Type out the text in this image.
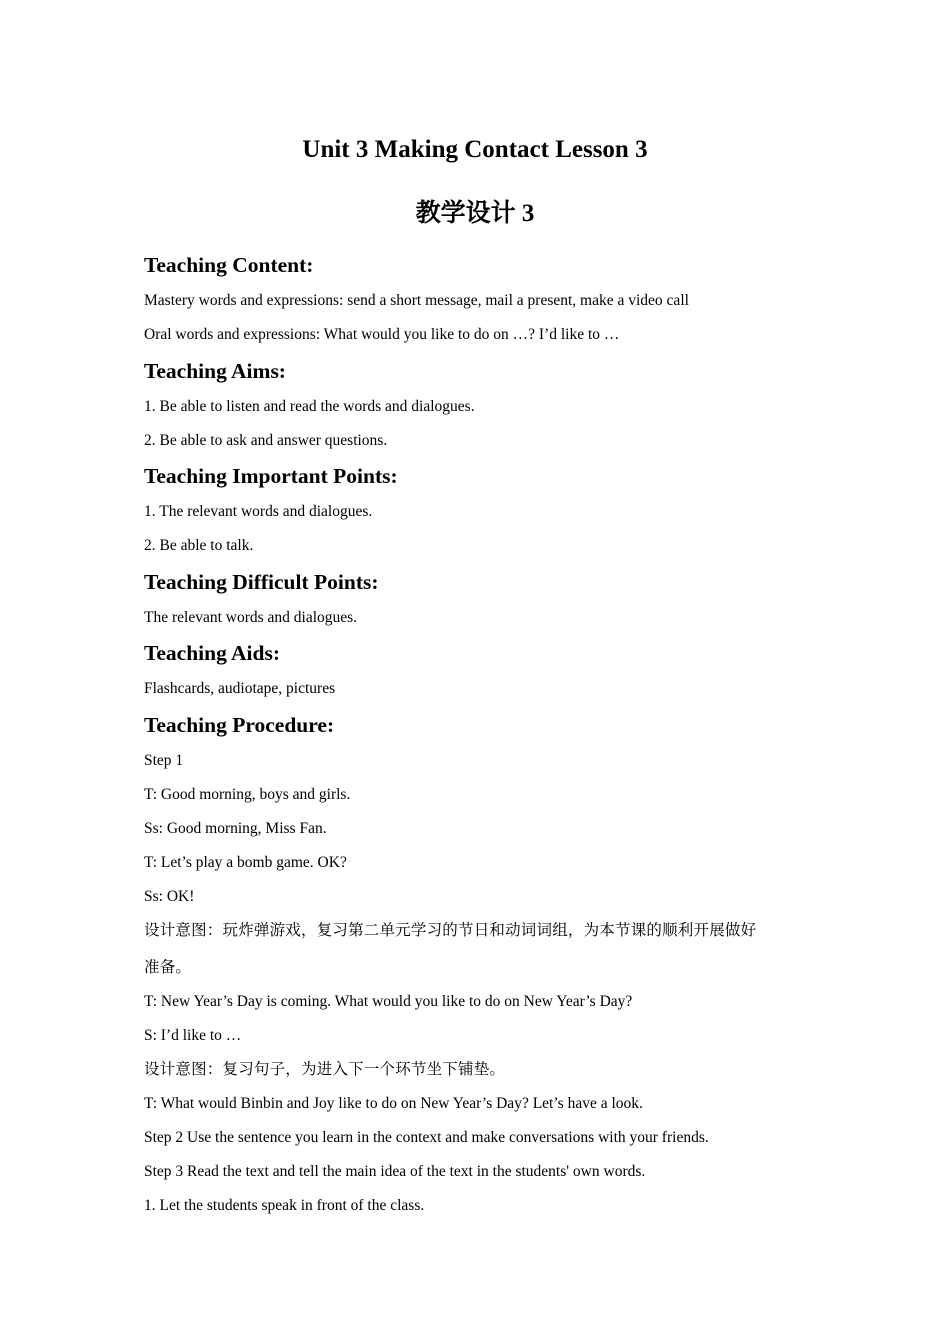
Unit 3 Making Contact Lesson 3
教学设计 3
Teaching Content:

Mastery words and expressions: send a short message, mail a present, make a video call

Oral words and expressions: What would you like to do on …? I’d like to …

Teaching Aims:

1. Be able to listen and read the words and dialogues.

2. Be able to ask and answer questions.

Teaching Important Points:

1. The relevant words and dialogues.

2. Be able to talk.

Teaching Difficult Points:

The relevant words and dialogues.

Teaching Aids:

Flashcards, audiotape, pictures

Teaching Procedure:

Step 1

T: Good morning, boys and girls.

Ss: Good morning, Miss Fan.

T: Let’s play a bomb game. OK?

Ss: OK!

设计意图：玩炸弹游戏，复习第二单元学习的节日和动词词组，为本节课的顺利开展做好

准备。

T: New Year’s Day is coming. What would you like to do on New Year’s Day?

S: I’d like to …

设计意图：复习句子，为进入下一个环节坐下铺垫。

T: What would Binbin and Joy like to do on New Year’s Day? Let’s have a look.

Step 2 Use the sentence you learn in the context and make conversations with your friends.

Step 3 Read the text and tell the main idea of the text in the students' own words.

1. Let the students speak in front of the class.
